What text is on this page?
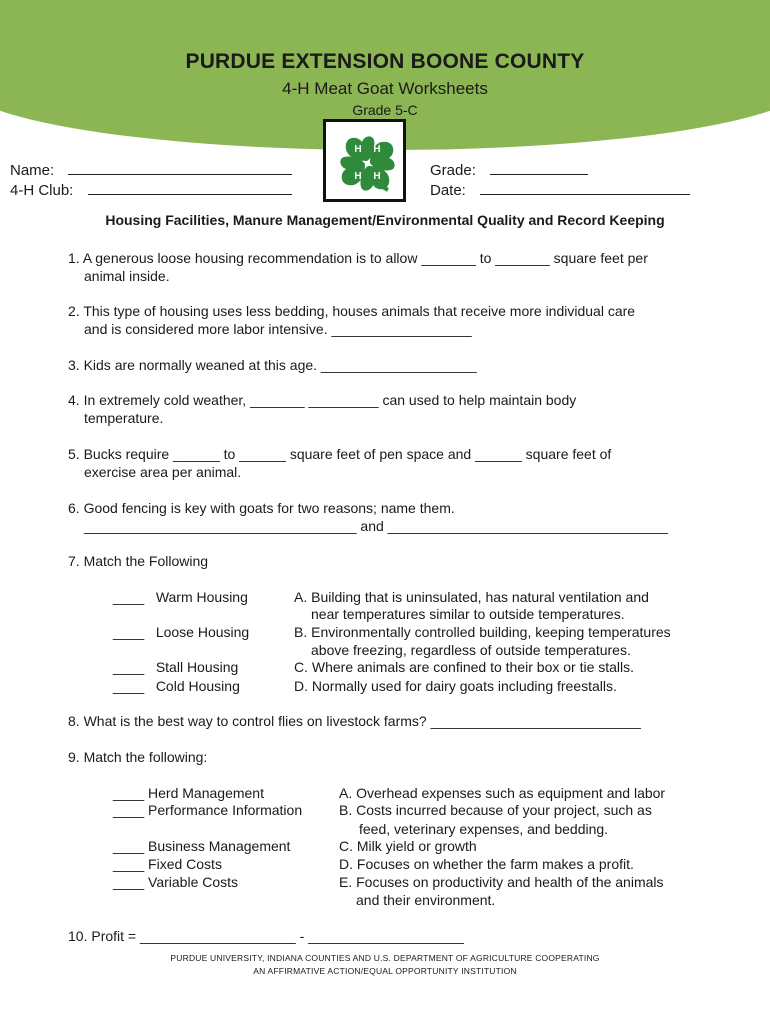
PURDUE EXTENSION BOONE COUNTY
4-H Meat Goat Worksheets
Grade 5-C
H H
H H
Name:
4-H Club:
Grade:
Date:
Housing Facilities, Manure Management/Environmental Quality and Record Keeping
1. A generous loose housing recommendation is to allow _______ to _______ square feet per
animal inside.
2. This type of housing uses less bedding, houses animals that receive more individual care
and is considered more labor intensive. __________________
3. Kids are normally weaned at this age. ____________________
4. In extremely cold weather, _______ _________ can used to help maintain body
temperature.
5. Bucks require ______ to ______ square feet of pen space and ______ square feet of
exercise area per animal.
6. Good fencing is key with goats for two reasons; name them.
___________________________________ and ____________________________________
7. Match the Following
____   Warm Housing
____   Loose Housing
____   Stall Housing
____   Cold Housing
A. Building that is uninsulated, has natural ventilation and
near temperatures similar to outside temperatures.
B. Environmentally controlled building, keeping temperatures
above freezing, regardless of outside temperatures.
C. Where animals are confined to their box or tie stalls.
D. Normally used for dairy goats including freestalls.
8. What is the best way to control flies on livestock farms? ___________________________
9. Match the following:
____ Herd Management
____ Performance Information
____ Business Management
____ Fixed Costs
____ Variable Costs
A. Overhead expenses such as equipment and labor
B. Costs incurred because of your project, such as
feed, veterinary expenses, and bedding.
C. Milk yield or growth
D. Focuses on whether the farm makes a profit.
E. Focuses on productivity and health of the animals
and their environment.
10. Profit = ____________________ - ____________________
PURDUE UNIVERSITY, INDIANA COUNTIES AND U.S. DEPARTMENT OF AGRICULTURE COOPERATING
AN AFFIRMATIVE ACTION/EQUAL OPPORTUNITY INSTITUTION
